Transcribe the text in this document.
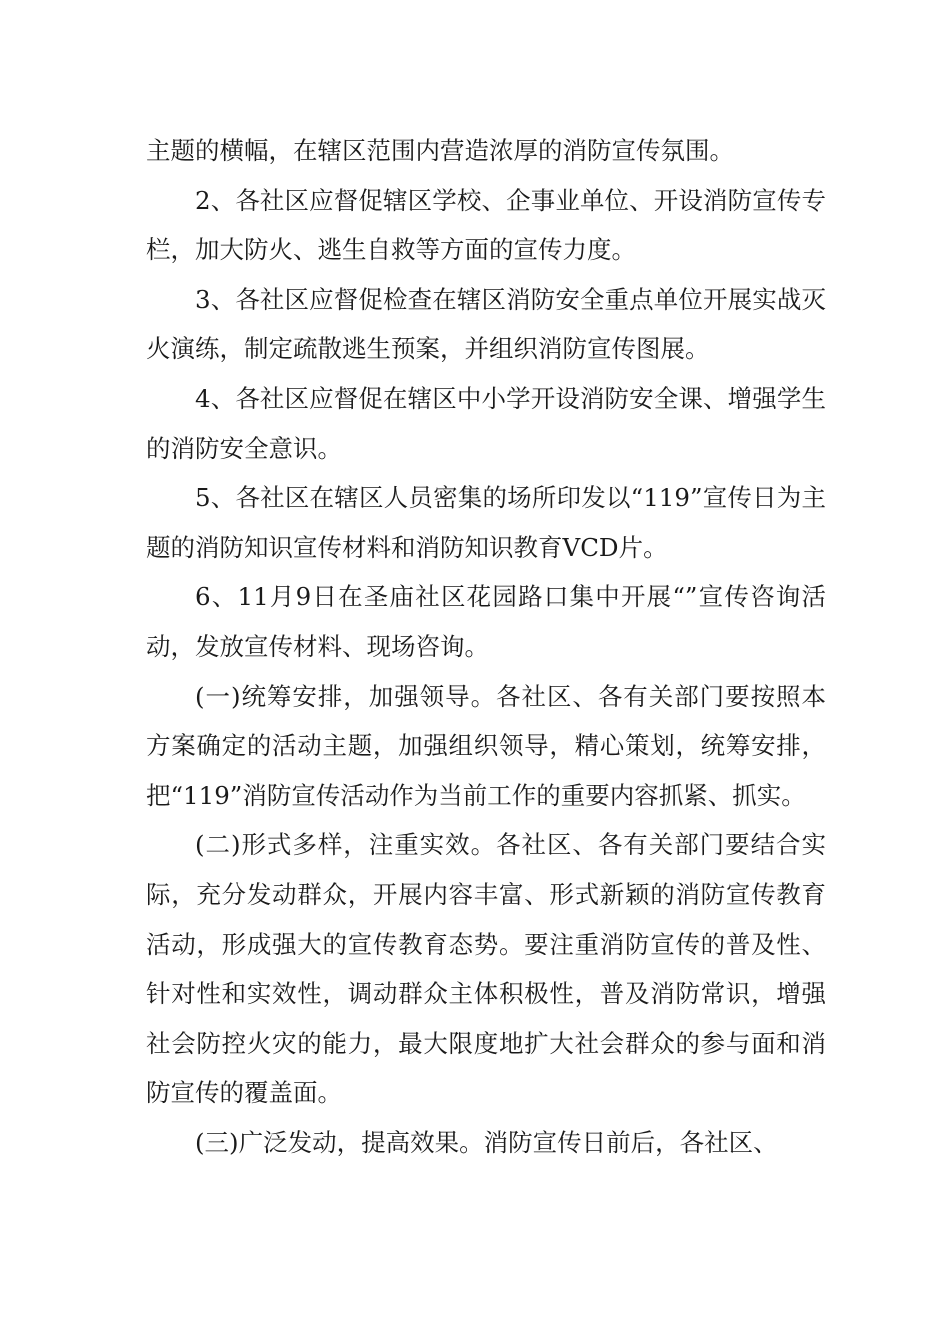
主题的横幅，在辖区范围内营造浓厚的消防宣传氛围。

2、各社区应督促辖区学校、企事业单位、开设消防宣传专栏，加大防火、逃生自救等方面的宣传力度。

3、各社区应督促检查在辖区消防安全重点单位开展实战灭火演练，制定疏散逃生预案，并组织消防宣传图展。

4、各社区应督促在辖区中小学开设消防安全课、增强学生的消防安全意识。

5、各社区在辖区人员密集的场所印发以“119”宣传日为主题的消防知识宣传材料和消防知识教育VCD片。

6、11月9日在圣庙社区花园路口集中开展“”宣传咨询活动，发放宣传材料、现场咨询。

(一)统筹安排，加强领导。各社区、各有关部门要按照本方案确定的活动主题，加强组织领导，精心策划，统筹安排，把“119”消防宣传活动作为当前工作的重要内容抓紧、抓实。

(二)形式多样，注重实效。各社区、各有关部门要结合实际，充分发动群众，开展内容丰富、形式新颖的消防宣传教育活动，形成强大的宣传教育态势。要注重消防宣传的普及性、针对性和实效性，调动群众主体积极性，普及消防常识，增强社会防控火灾的能力，最大限度地扩大社会群众的参与面和消防宣传的覆盖面。

(三)广泛发动，提高效果。消防宣传日前后，各社区、
